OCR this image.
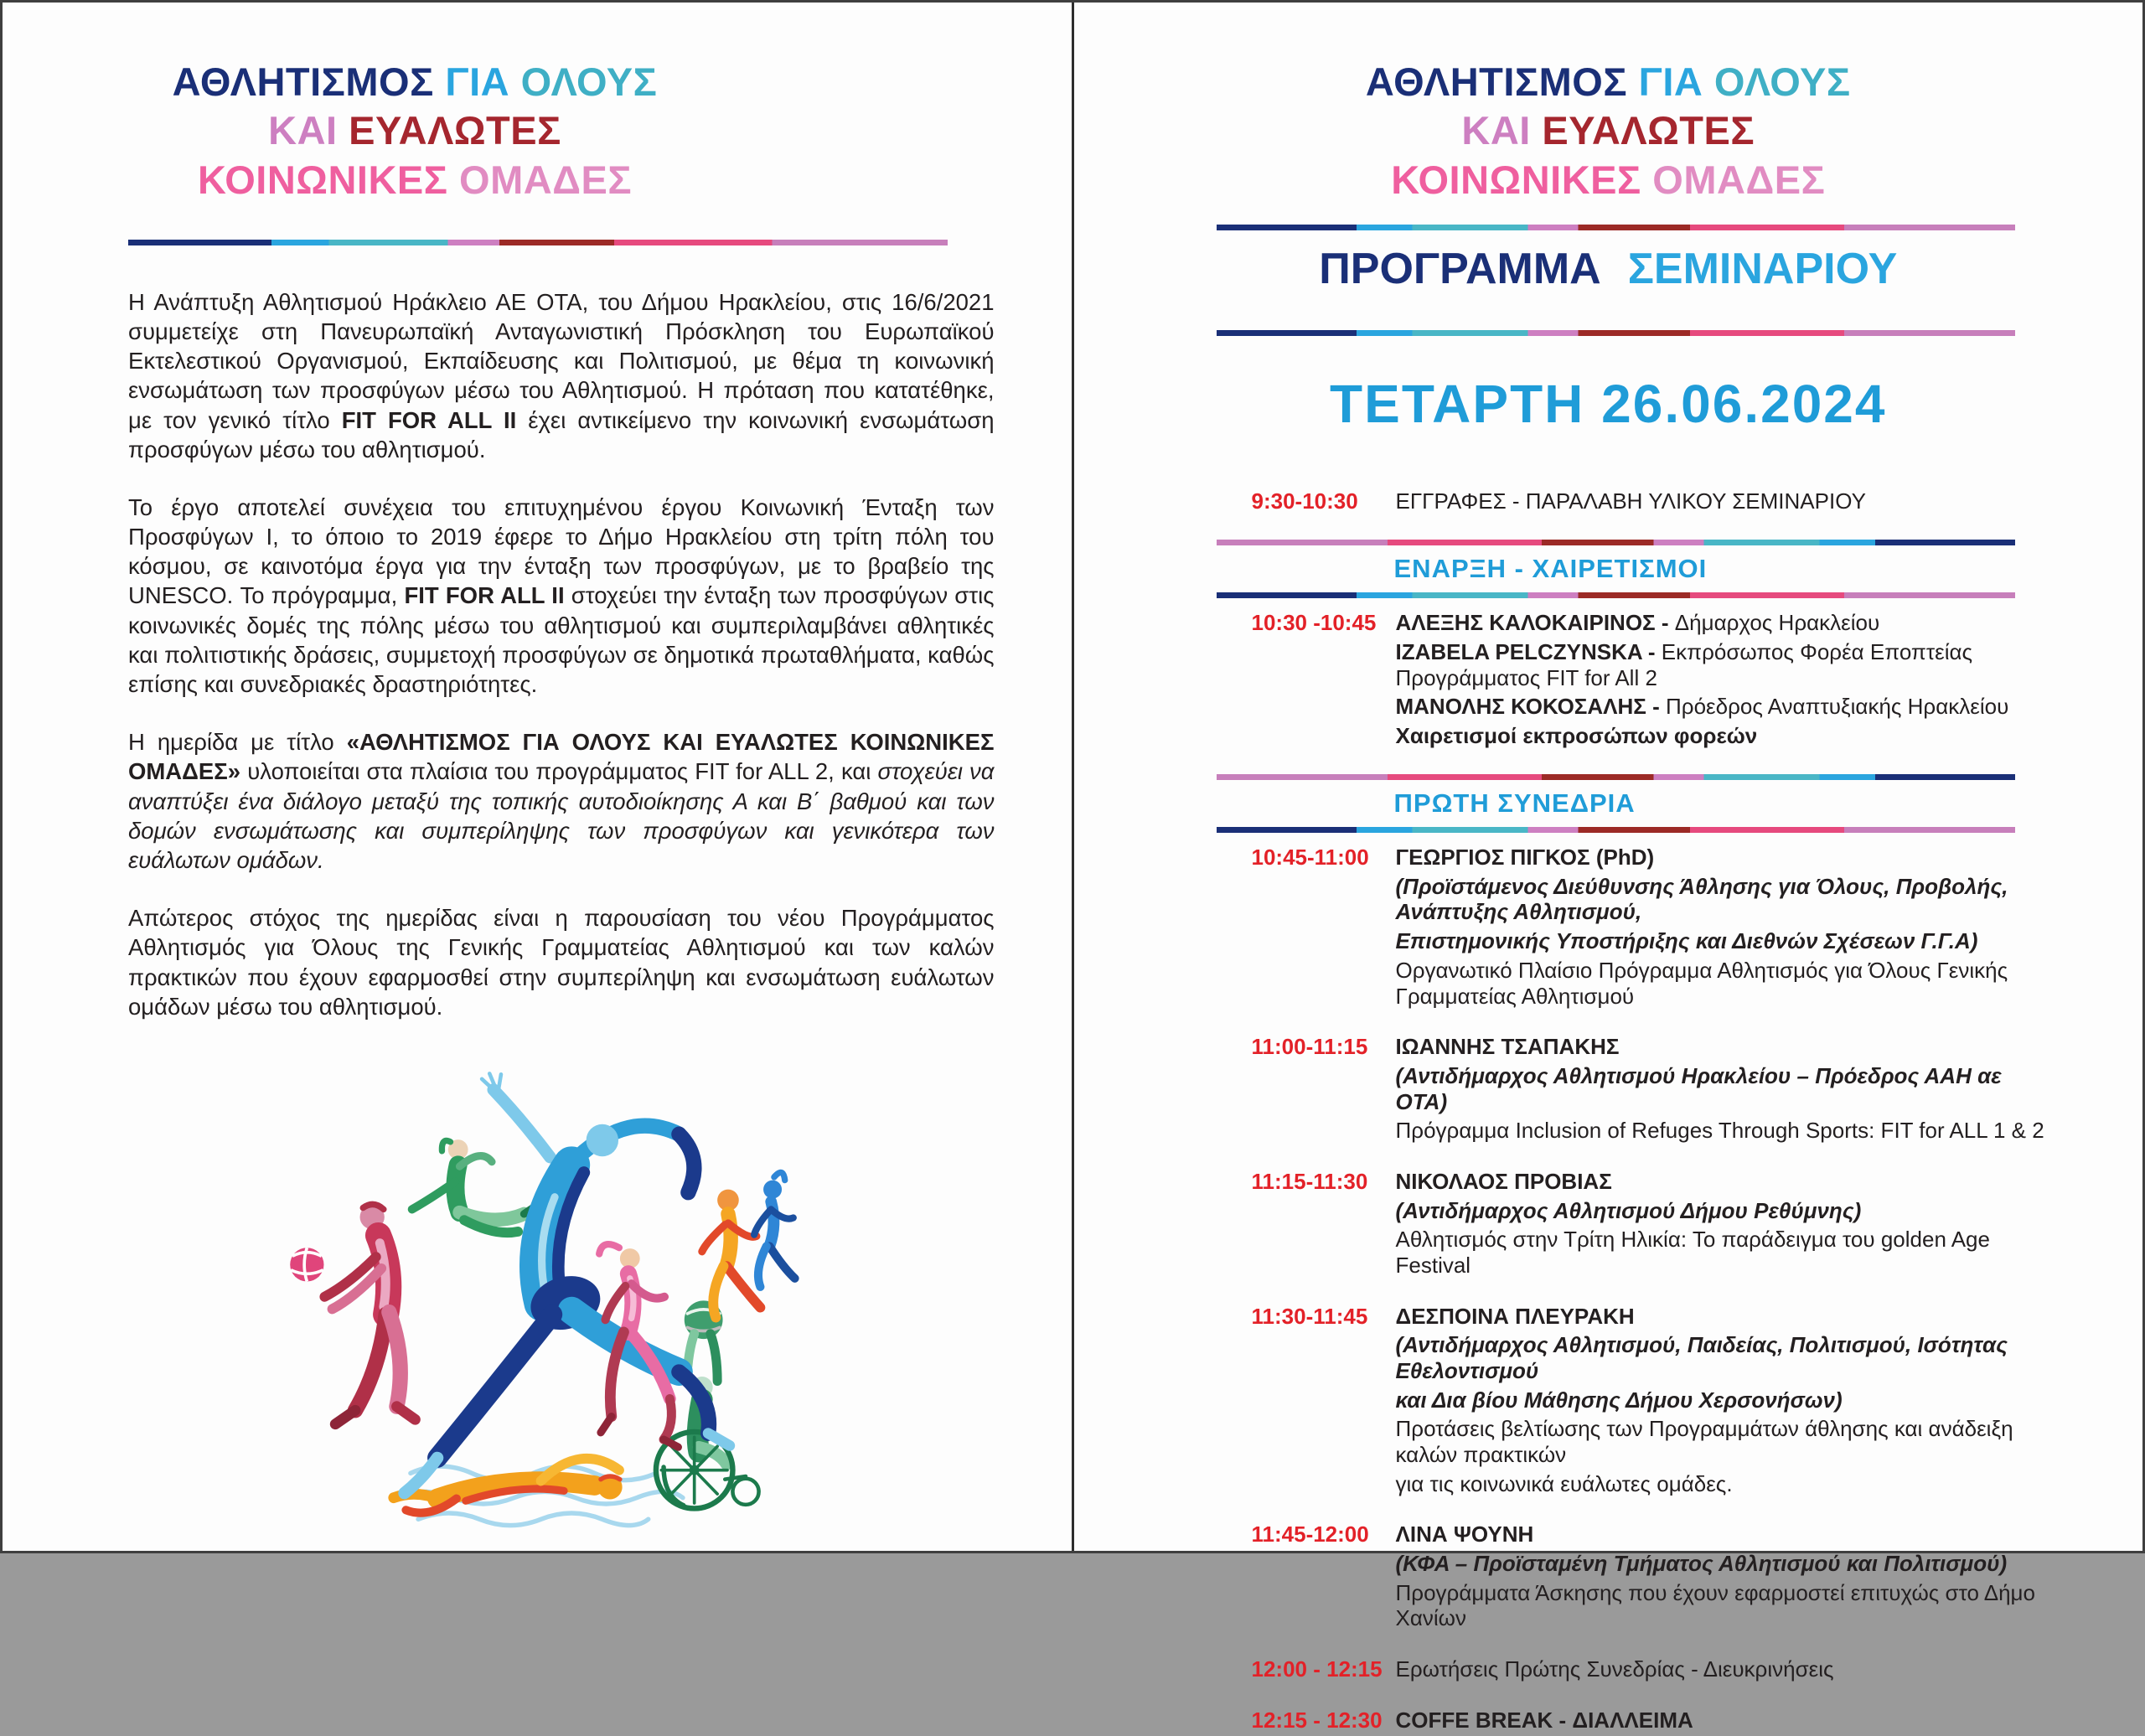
ΑΘΛΗΤΙΣΜΟΣ ΓΙΑ ΟΛΟΥΣ
ΚΑΙ ΕΥΑΛΩΤΕΣ
ΚΟΙΝΩΝΙΚΕΣ ΟΜΑΔΕΣ

Η Ανάπτυξη Αθλητισμού Ηράκλειο ΑΕ ΟΤΑ, του Δήμου Ηρακλείου, στις 16/6/2021 συμμετείχε στη Πανευρωπαϊκή Ανταγωνιστική Πρόσκληση του Ευρωπαϊκού Εκτελεστικού Οργανισμού, Εκπαίδευσης και Πολιτισμού, με θέμα τη κοινωνική ενσωμάτωση των προσφύγων μέσω του Αθλητισμού. Η πρόταση που κατατέθηκε, με τον γενικό τίτλο FIT FOR ALL II έχει αντικείμενο την κοινωνική ενσωμάτωση προσφύγων μέσω του αθλητισμού.

Το έργο αποτελεί συνέχεια του επιτυχημένου έργου Κοινωνική Ένταξη των Προσφύγων Ι, το όποιο το 2019 έφερε το Δήμο Ηρακλείου στη τρίτη πόλη του κόσμου, σε καινοτόμα έργα για την ένταξη των προσφύγων, με το βραβείο της UNESCO. Το πρόγραμμα, FIT FOR ALL II στοχεύει την ένταξη των προσφύγων στις κοινωνικές δομές της πόλης μέσω του αθλητισμού και συμπεριλαμβάνει αθλητικές και πολιτιστικής δράσεις, συμμετοχή προσφύγων σε δημοτικά πρωταθλήματα, καθώς επίσης και συνεδριακές δραστηριότητες.

Η ημερίδα με τίτλο «ΑΘΛΗΤΙΣΜΟΣ ΓΙΑ ΟΛΟΥΣ ΚΑΙ ΕΥΑΛΩΤΕΣ ΚΟΙΝΩΝΙΚΕΣ ΟΜΑΔΕΣ» υλοποιείται στα πλαίσια του προγράμματος FIT for ALL 2, και στοχεύει να αναπτύξει ένα διάλογο μεταξύ της τοπικής αυτοδιοίκησης Α και Β΄ βαθμού και των δομών ενσωμάτωσης και συμπερίληψης των προσφύγων και γενικότερα των ευάλωτων ομάδων.

Απώτερος στόχος της ημερίδας είναι η παρουσίαση του νέου Προγράμματος Αθλητισμός για Όλους της Γενικής Γραμματείας Αθλητισμού και των καλών πρακτικών που έχουν εφαρμοσθεί στην συμπερίληψη και ενσωμάτωση ευάλωτων ομάδων μέσω του αθλητισμού.

ΑΘΛΗΤΙΣΜΟΣ ΓΙΑ ΟΛΟΥΣ
ΚΑΙ ΕΥΑΛΩΤΕΣ
ΚΟΙΝΩΝΙΚΕΣ ΟΜΑΔΕΣ
ΠΡΟΓΡΑΜΜΑ ΣΕΜΙΝΑΡΙΟΥ
ΤΕΤΑΡΤΗ 26.06.2024
9:30-10:30	ΕΓΓΡΑΦΕΣ - ΠΑΡΑΛΑΒΗ ΥΛΙΚΟΥ ΣΕΜΙΝΑΡΙΟΥ
ΕΝΑΡΞΗ - ΧΑΙΡΕΤΙΣΜΟΙ
10:30 -10:45 ΑΛΕΞΗΣ ΚΑΛΟΚΑΙΡΙΝΟΣ - Δήμαρχος Ηρακλείου
IZABELA PELCZYNSKA - Εκπρόσωπος Φορέα Εποπτείας Προγράμματος FIT for All 2
ΜΑΝΟΛΗΣ ΚΟΚΟΣΑΛΗΣ - Πρόεδρος Αναπτυξιακής Ηρακλείου
Χαιρετισμοί εκπροσώπων φορεών
ΠΡΩΤΗ ΣΥΝΕΔΡΙΑ
10:45-11:00	ΓΕΩΡΓΙΟΣ ΠΙΓΚΟΣ (PhD)
(Προϊστάμενος Διεύθυνσης Άθλησης για Όλους, Προβολής, Ανάπτυξης Αθλητισμού,
Επιστημονικής Υποστήριξης και Διεθνών Σχέσεων Γ.Γ.Α)
Οργανωτικό Πλαίσιο Πρόγραμμα Αθλητισμός για Όλους Γενικής Γραμματείας Αθλητισμού
11:00-11:15	ΙΩΑΝΝΗΣ ΤΣΑΠΑΚΗΣ
(Αντιδήμαρχος Αθλητισμού Ηρακλείου – Πρόεδρος ΑΑΗ αε ΟΤΑ)
Πρόγραμμα Inclusion of Refuges Through Sports: FIT for ALL 1 & 2
11:15-11:30	ΝΙΚΟΛΑΟΣ ΠΡΟΒΙΑΣ
(Αντιδήμαρχος Αθλητισμού Δήμου Ρεθύμνης)
Αθλητισμός στην Τρίτη Ηλικία: Το παράδειγμα του golden Age Festival
11:30-11:45	ΔΕΣΠΟΙΝΑ ΠΛΕΥΡΑΚΗ
(Αντιδήμαρχος Αθλητισμού, Παιδείας, Πολιτισμού, Ισότητας Εθελοντισμού
και Δια βίου Μάθησης Δήμου Χερσονήσων)
Προτάσεις βελτίωσης των Προγραμμάτων άθλησης και ανάδειξη καλών πρακτικών
για τις κοινωνικά ευάλωτες ομάδες.
11:45-12:00	ΛΙΝΑ ΨΟΥΝΗ
(ΚΦΑ – Προϊσταμένη Τμήματος Αθλητισμού και Πολιτισμού)
Προγράμματα Άσκησης που έχουν εφαρμοστεί επιτυχώς στο Δήμο Χανίων
12:00 - 12:15 Ερωτήσεις Πρώτης Συνεδρίας - Διευκρινήσεις
12:15 - 12:30 COFFE BREAK - ΔΙΑΛΛΕΙΜΑ
